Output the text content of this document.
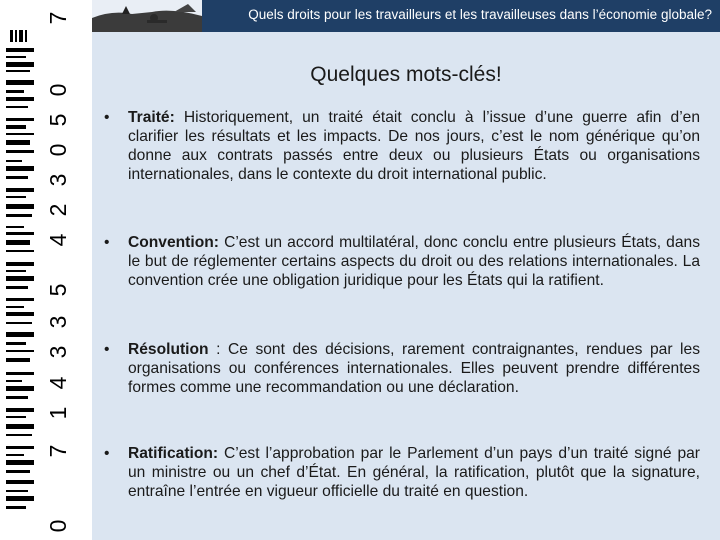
0
7
1
4
3
3
5
4
2
3
0
5
0
7	Quels droits pour les travailleurs et les travailleuses dans l’économie globale?
Quelques mots-clés!
• Traité: Historiquement, un traité était conclu à l’issue d’une guerre afin d’en clarifier les résultats et les impacts. De nos jours, c’est le nom générique qu’on donne aux contrats passés entre deux ou plusieurs États ou organisations internationales, dans le contexte du droit international public.
• Convention: C’est un accord multilatéral, donc conclu entre plusieurs États, dans le but de réglementer certains aspects du droit ou des relations internationales. La convention crée une obligation juridique pour les États qui la ratifient.
• Résolution : Ce sont des décisions, rarement contraignantes, rendues par les organisations ou conférences internationales. Elles peuvent prendre différentes formes comme une recommandation ou une déclaration.
• Ratification: C’est l’approbation par le Parlement d’un pays d’un traité signé par un ministre ou un chef d’État. En général, la ratification, plutôt que la signature, entraîne l’entrée en vigueur officielle du traité en question.
